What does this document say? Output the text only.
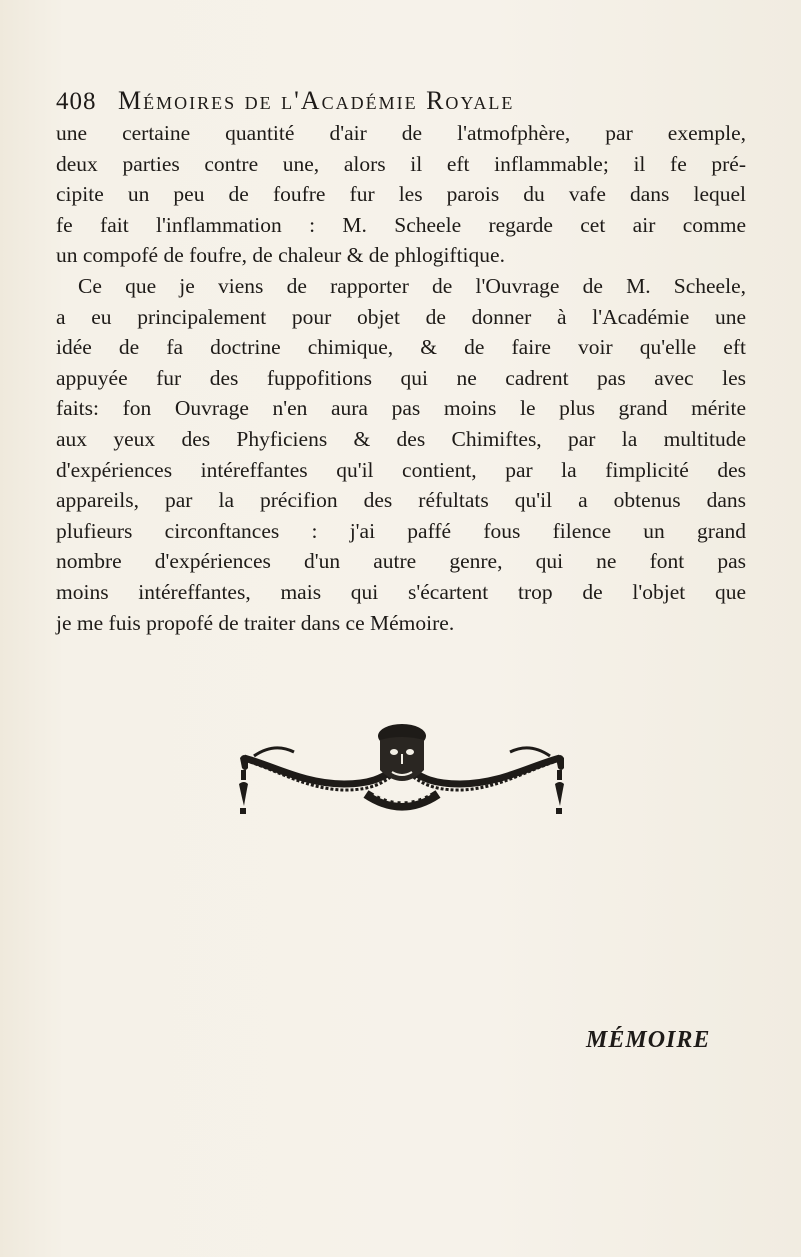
408 Mémoires de l'Académie Royale
une certaine quantité d'air de l'atmofphère, par exemple,
deux parties contre une, alors il eft inflammable; il fe pré-
cipite un peu de foufre fur les parois du vafe dans lequel
fe fait l'inflammation : M. Scheele regarde cet air comme
un compofé de foufre, de chaleur & de phlogiftique.
Ce que je viens de rapporter de l'Ouvrage de M. Scheele,
a eu principalement pour objet de donner à l'Académie une
idée de fa doctrine chimique, & de faire voir qu'elle eft
appuyée fur des fuppofitions qui ne cadrent pas avec les
faits: fon Ouvrage n'en aura pas moins le plus grand mérite
aux yeux des Phyficiens & des Chimiftes, par la multitude
d'expériences intéreffantes qu'il contient, par la fimplicité des
appareils, par la précifion des réfultats qu'il a obtenus dans
plufieurs circonftances : j'ai paffé fous filence un grand
nombre d'expériences d'un autre genre, qui ne font pas
moins intéreffantes, mais qui s'écartent trop de l'objet que
je me fuis propofé de traiter dans ce Mémoire.
MÉMOIRE
